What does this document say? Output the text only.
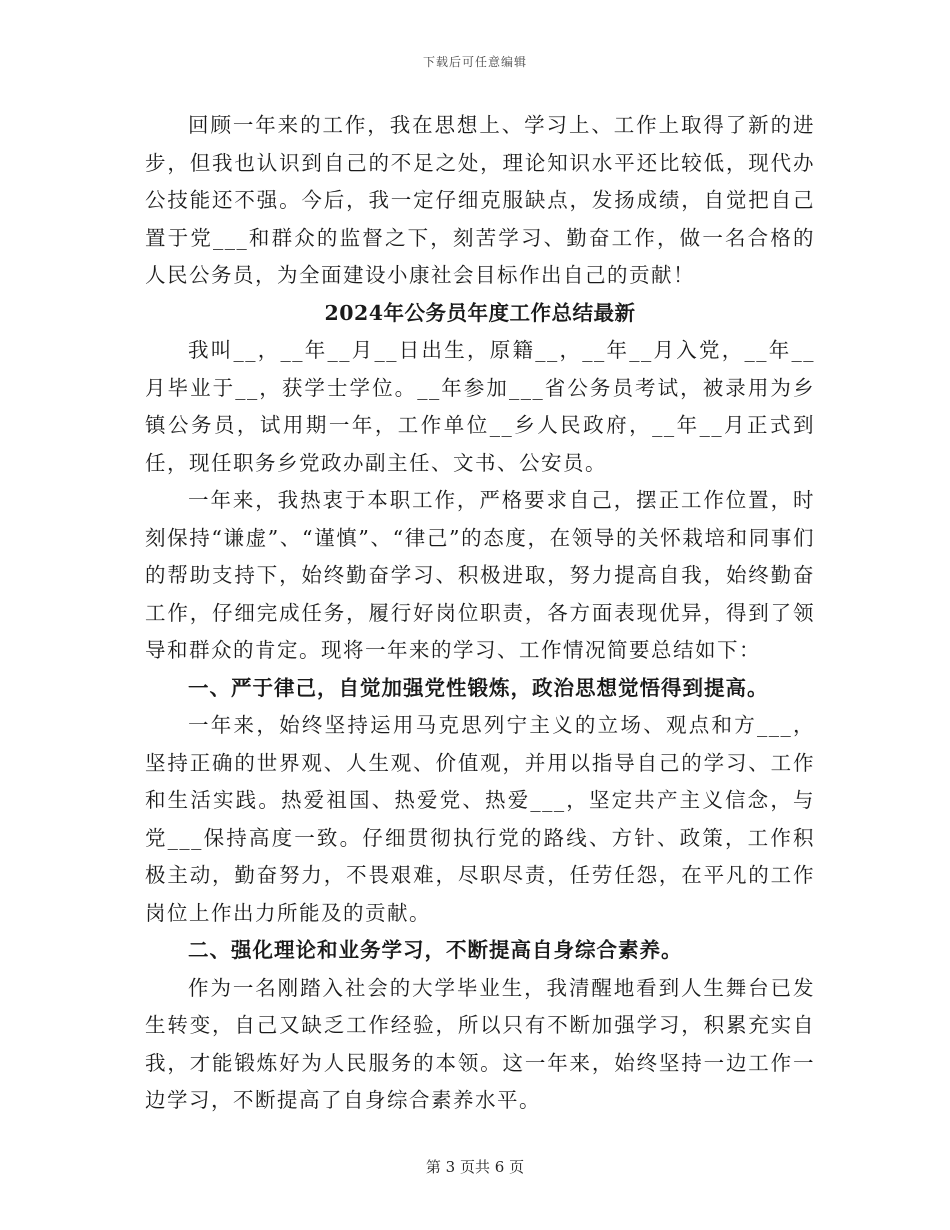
下载后可任意编辑

回顾一年来的工作，我在思想上、学习上、工作上取得了新的进步，但我也认识到自己的不足之处，理论知识水平还比较低，现代办公技能还不强。今后，我一定仔细克服缺点，发扬成绩，自觉把自己置于党___和群众的监督之下，刻苦学习、勤奋工作，做一名合格的人民公务员，为全面建设小康社会目标作出自己的贡献！

2024年公务员年度工作总结最新

我叫__，__年__月__日出生，原籍__，__年__月入党，__年__月毕业于__，获学士学位。__年参加___省公务员考试，被录用为乡镇公务员，试用期一年，工作单位__乡人民政府，__年__月正式到任，现任职务乡党政办副主任、文书、公安员。

一年来，我热衷于本职工作，严格要求自己，摆正工作位置，时刻保持“谦虚”、“谨慎”、“律己”的态度，在领导的关怀栽培和同事们的帮助支持下，始终勤奋学习、积极进取，努力提高自我，始终勤奋工作，仔细完成任务，履行好岗位职责，各方面表现优异，得到了领导和群众的肯定。现将一年来的学习、工作情况简要总结如下：

一、严于律己，自觉加强党性锻炼，政治思想觉悟得到提高。

一年来，始终坚持运用马克思列宁主义的立场、观点和方___，坚持正确的世界观、人生观、价值观，并用以指导自己的学习、工作和生活实践。热爱祖国、热爱党、热爱___，坚定共产主义信念，与党___保持高度一致。仔细贯彻执行党的路线、方针、政策，工作积极主动，勤奋努力，不畏艰难，尽职尽责，任劳任怨，在平凡的工作岗位上作出力所能及的贡献。

二、强化理论和业务学习，不断提高自身综合素养。

作为一名刚踏入社会的大学毕业生，我清醒地看到人生舞台已发生转变，自己又缺乏工作经验，所以只有不断加强学习，积累充实自我，才能锻炼好为人民服务的本领。这一年来，始终坚持一边工作一边学习，不断提高了自身综合素养水平。

第 3 页共 6 页
